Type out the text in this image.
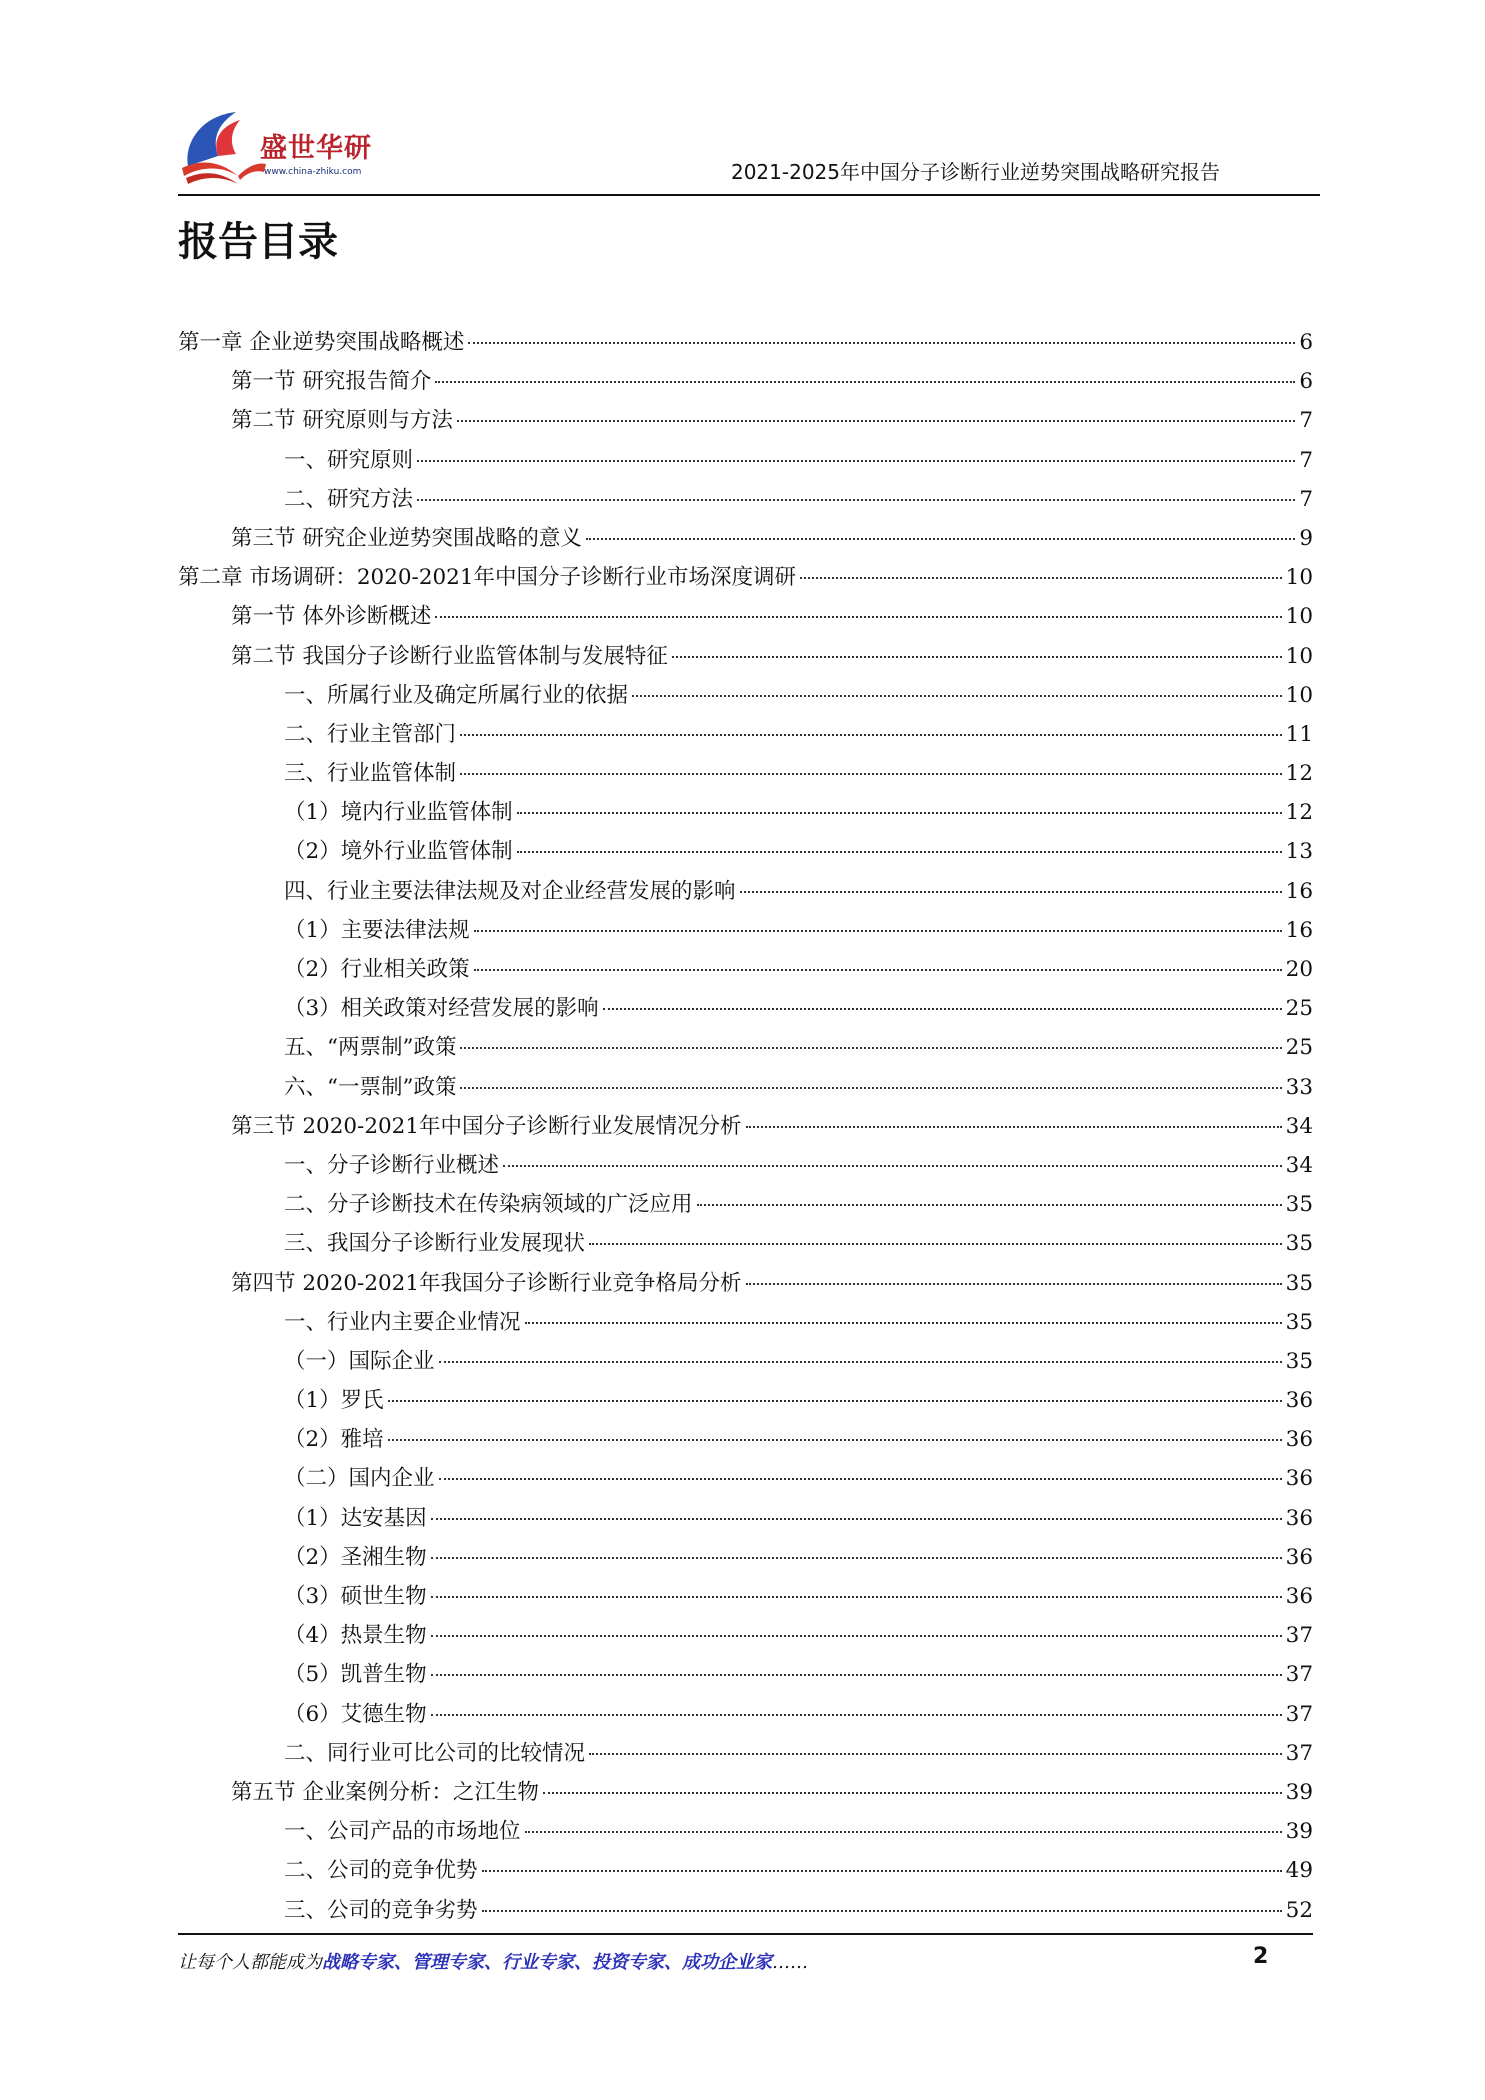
盛世华研
www.china-zhiku.com	2021-2025年中国分子诊断行业逆势突围战略研究报告
报告目录
第一章 企业逆势突围战略概述	6
第一节 研究报告简介	6
第二节 研究原则与方法	7
一、研究原则	7
二、研究方法	7
第三节 研究企业逆势突围战略的意义	9
第二章 市场调研：2020-2021年中国分子诊断行业市场深度调研	10
第一节 体外诊断概述	10
第二节 我国分子诊断行业监管体制与发展特征	10
一、所属行业及确定所属行业的依据	10
二、行业主管部门	11
三、行业监管体制	12
（1）境内行业监管体制	12
（2）境外行业监管体制	13
四、行业主要法律法规及对企业经营发展的影响	16
（1）主要法律法规	16
（2）行业相关政策	20
（3）相关政策对经营发展的影响	25
五、“两票制”政策	25
六、“一票制”政策	33
第三节 2020-2021年中国分子诊断行业发展情况分析	34
一、分子诊断行业概述	34
二、分子诊断技术在传染病领域的广泛应用	35
三、我国分子诊断行业发展现状	35
第四节 2020-2021年我国分子诊断行业竞争格局分析	35
一、行业内主要企业情况	35
（一）国际企业	35
（1）罗氏	36
（2）雅培	36
（二）国内企业	36
（1）达安基因	36
（2）圣湘生物	36
（3）硕世生物	36
（4）热景生物	37
（5）凯普生物	37
（6）艾德生物	37
二、同行业可比公司的比较情况	37
第五节 企业案例分析：之江生物	39
一、公司产品的市场地位	39
二、公司的竞争优势	49
三、公司的竞争劣势	52
让每个人都能成为战略专家、管理专家、行业专家、投资专家、成功企业家……	2
